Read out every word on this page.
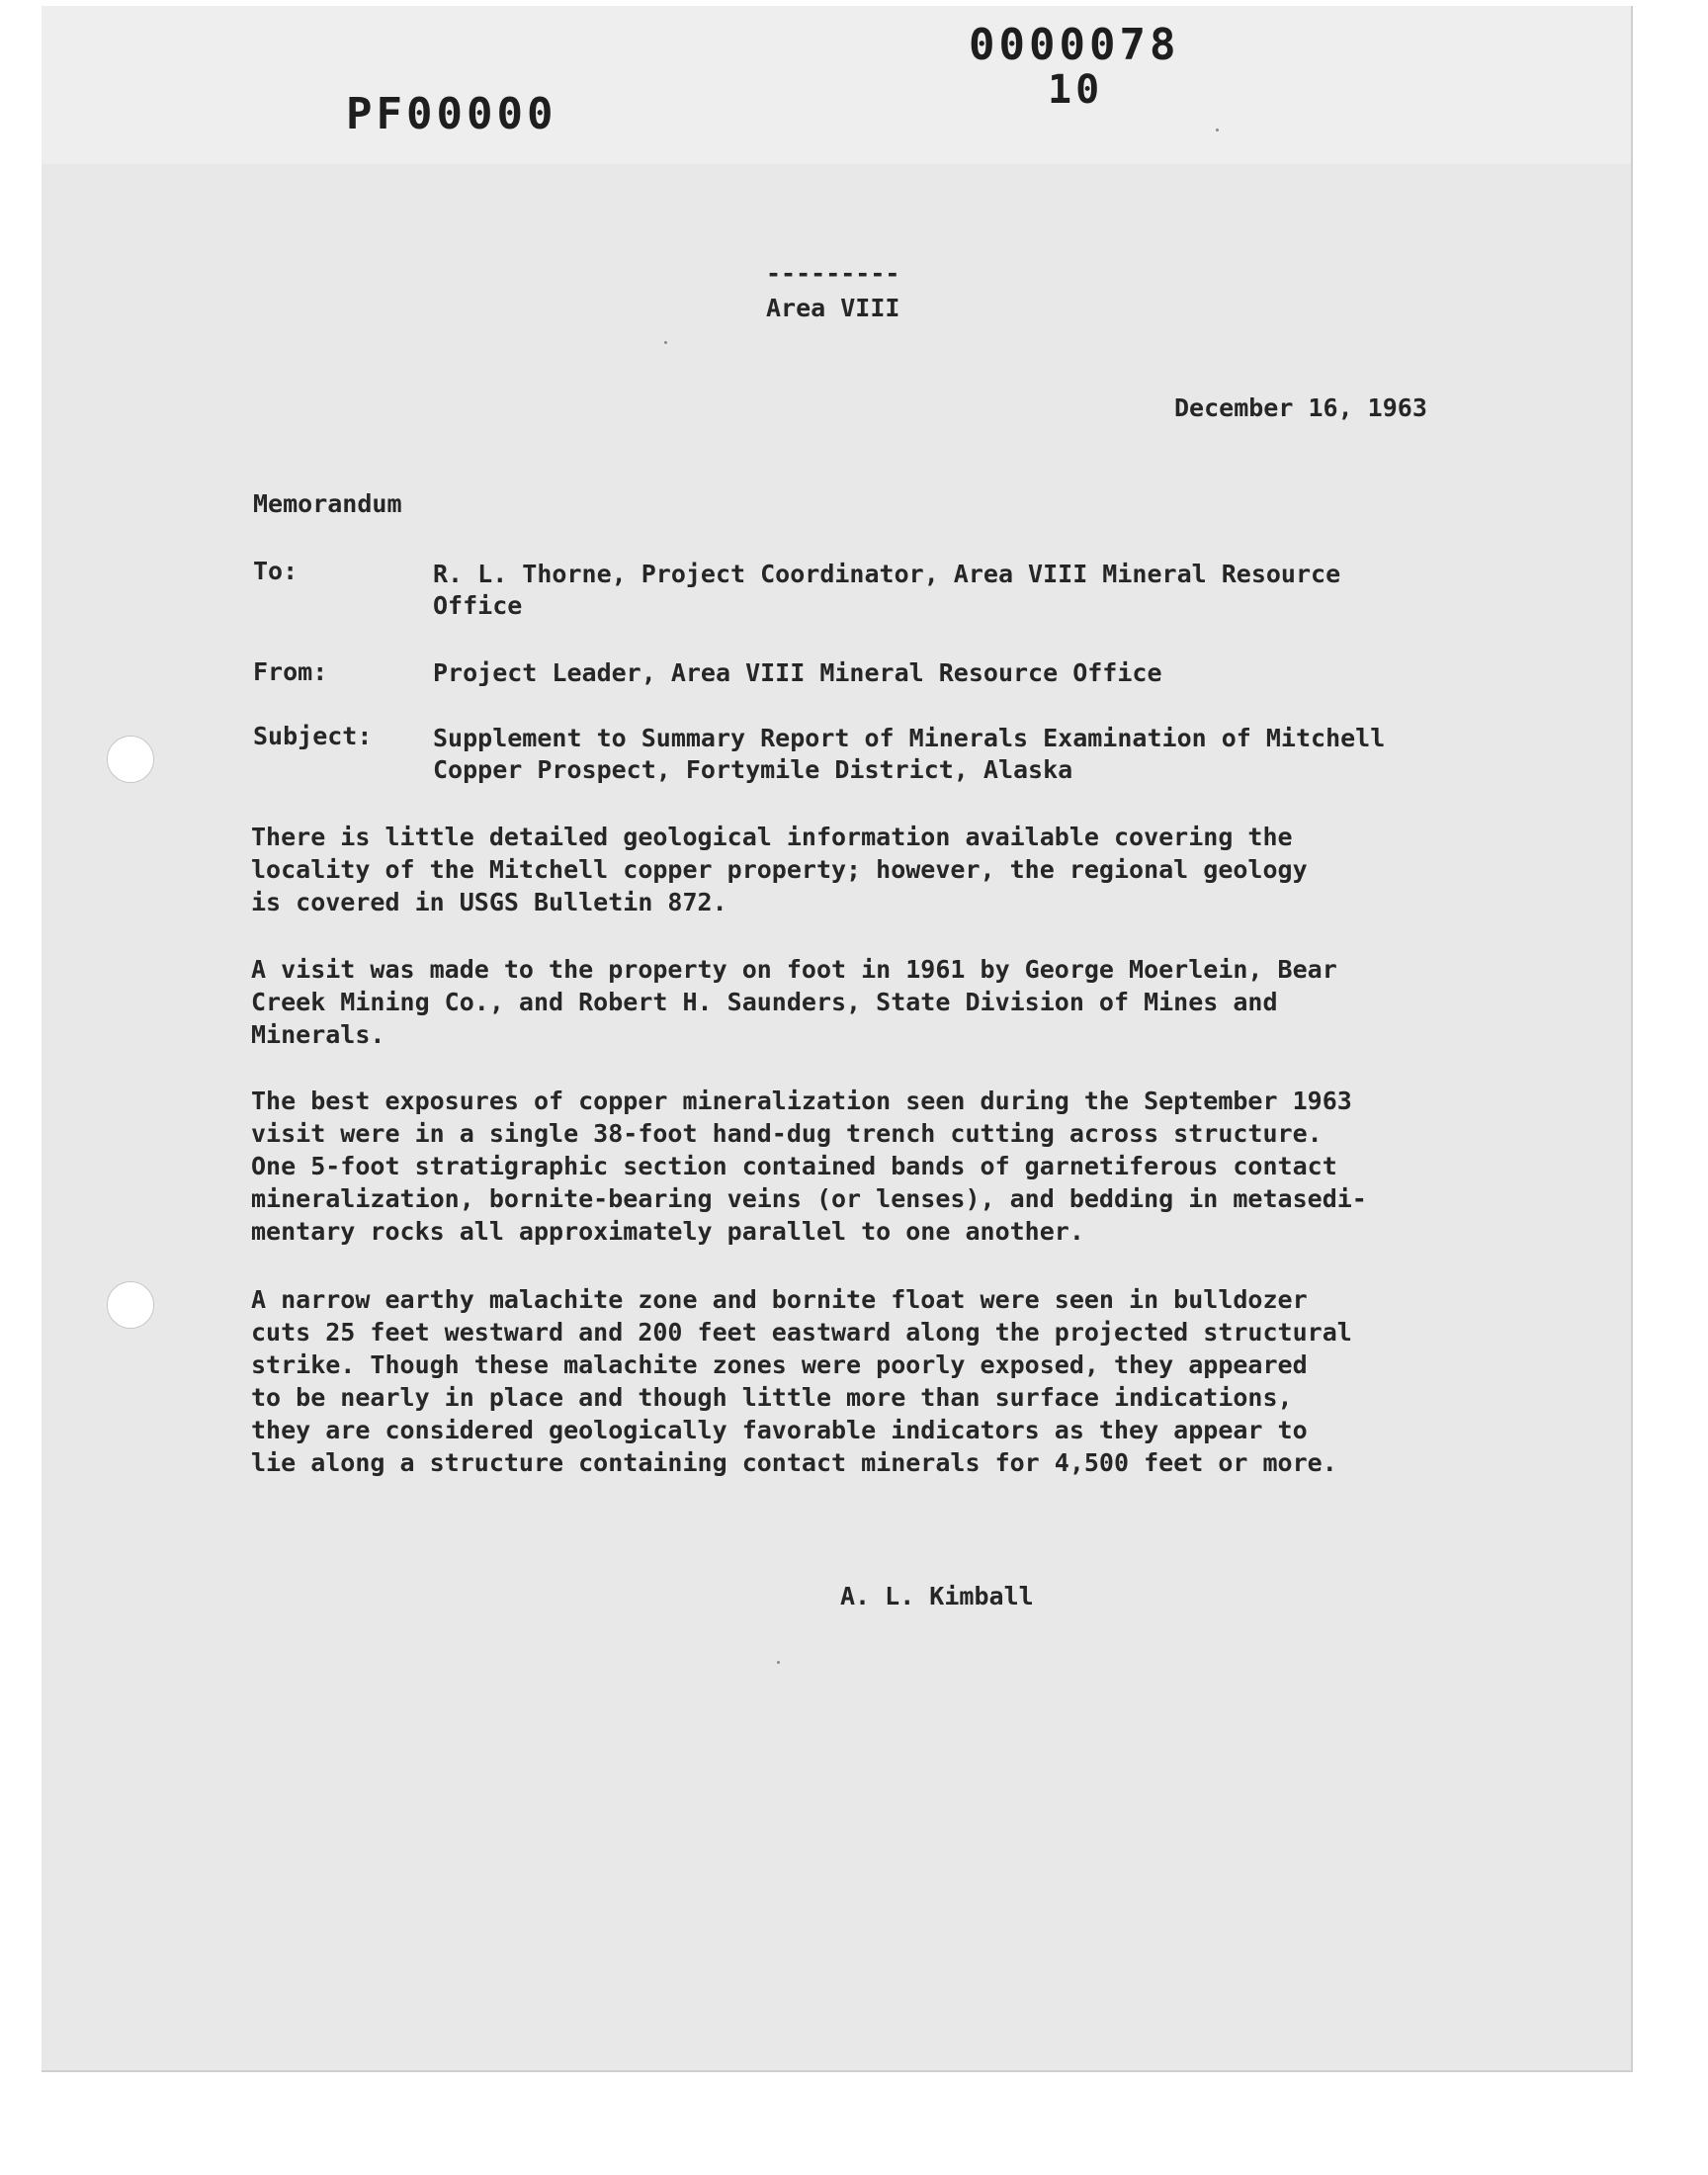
PF00000
0000078
10
---------
Area VIII
December 16, 1963
Memorandum
To:	R. L. Thorne, Project Coordinator, Area VIII Mineral Resource
Office
From:	Project Leader, Area VIII Mineral Resource Office
Subject: Supplement to Summary Report of Minerals Examination of Mitchell
Copper Prospect, Fortymile District, Alaska
There is little detailed geological information available covering the
locality of the Mitchell copper property; however, the regional geology
is covered in USGS Bulletin 872.
A visit was made to the property on foot in 1961 by George Moerlein, Bear
Creek Mining Co., and Robert H. Saunders, State Division of Mines and
Minerals.
The best exposures of copper mineralization seen during the September 1963
visit were in a single 38-foot hand-dug trench cutting across structure.
One 5-foot stratigraphic section contained bands of garnetiferous contact
mineralization, bornite-bearing veins (or lenses), and bedding in metasedi-
mentary rocks all approximately parallel to one another.
A narrow earthy malachite zone and bornite float were seen in bulldozer
cuts 25 feet westward and 200 feet eastward along the projected structural
strike. Though these malachite zones were poorly exposed, they appeared
to be nearly in place and though little more than surface indications,
they are considered geologically favorable indicators as they appear to
lie along a structure containing contact minerals for 4,500 feet or more.
A. L. Kimball
